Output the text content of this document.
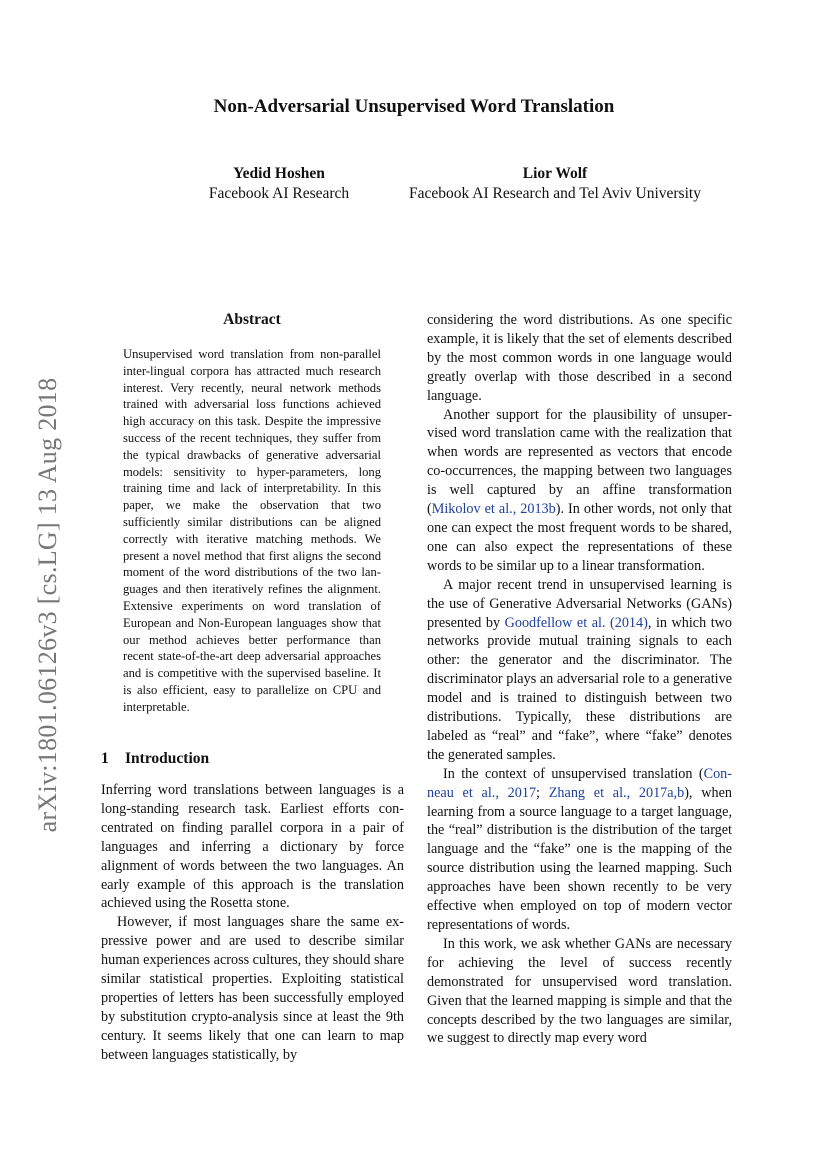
Non-Adversarial Unsupervised Word Translation
Yedid Hoshen
Facebook AI Research
Lior Wolf
Facebook AI Research and Tel Aviv University
arXiv:1801.06126v3 [cs.LG] 13 Aug 2018
Abstract
Unsupervised word translation from non-parallel inter-lingual corpora has attracted much research interest. Very recently, neural network methods trained with adversarial loss functions achieved high accuracy on this task. Despite the impressive success of the recent techniques, they suffer from the typical drawbacks of generative adversarial models: sensitivity to hyper-parameters, long training time and lack of interpretability. In this paper, we make the observation that two sufficiently similar distributions can be aligned correctly with iterative matching methods. We present a novel method that first aligns the second moment of the word distributions of the two languages and then iteratively refines the alignment. Extensive experiments on word translation of European and Non-European languages show that our method achieves better performance than recent state-of-the-art deep adversarial approaches and is competitive with the supervised baseline. It is also efficient, easy to parallelize on CPU and interpretable.
1 Introduction

Inferring word translations between languages is a long-standing research task. Earliest efforts concentrated on finding parallel corpora in a pair of languages and inferring a dictionary by force alignment of words between the two languages. An early example of this approach is the translation achieved using the Rosetta stone.

However, if most languages share the same expressive power and are used to describe similar human experiences across cultures, they should share similar statistical properties. Exploiting statistical properties of letters has been successfully employed by substitution crypto-analysis since at least the 9th century. It seems likely that one can learn to map between languages statistically, by

considering the word distributions. As one specific example, it is likely that the set of elements described by the most common words in one language would greatly overlap with those described in a second language.

Another support for the plausibility of unsupervised word translation came with the realization that when words are represented as vectors that encode co-occurrences, the mapping between two languages is well captured by an affine transformation (Mikolov et al., 2013b). In other words, not only that one can expect the most frequent words to be shared, one can also expect the representations of these words to be similar up to a linear transformation.

A major recent trend in unsupervised learning is the use of Generative Adversarial Networks (GANs) presented by Goodfellow et al. (2014), in which two networks provide mutual training signals to each other: the generator and the discriminator. The discriminator plays an adversarial role to a generative model and is trained to distinguish between two distributions. Typically, these distributions are labeled as “real” and “fake”, where “fake” denotes the generated samples.

In the context of unsupervised translation (Conneau et al., 2017; Zhang et al., 2017a,b), when learning from a source language to a target language, the “real” distribution is the distribution of the target language and the “fake” one is the mapping of the source distribution using the learned mapping. Such approaches have been shown recently to be very effective when employed on top of modern vector representations of words.

In this work, we ask whether GANs are necessary for achieving the level of success recently demonstrated for unsupervised word translation. Given that the learned mapping is simple and that the concepts described by the two languages are similar, we suggest to directly map every word
